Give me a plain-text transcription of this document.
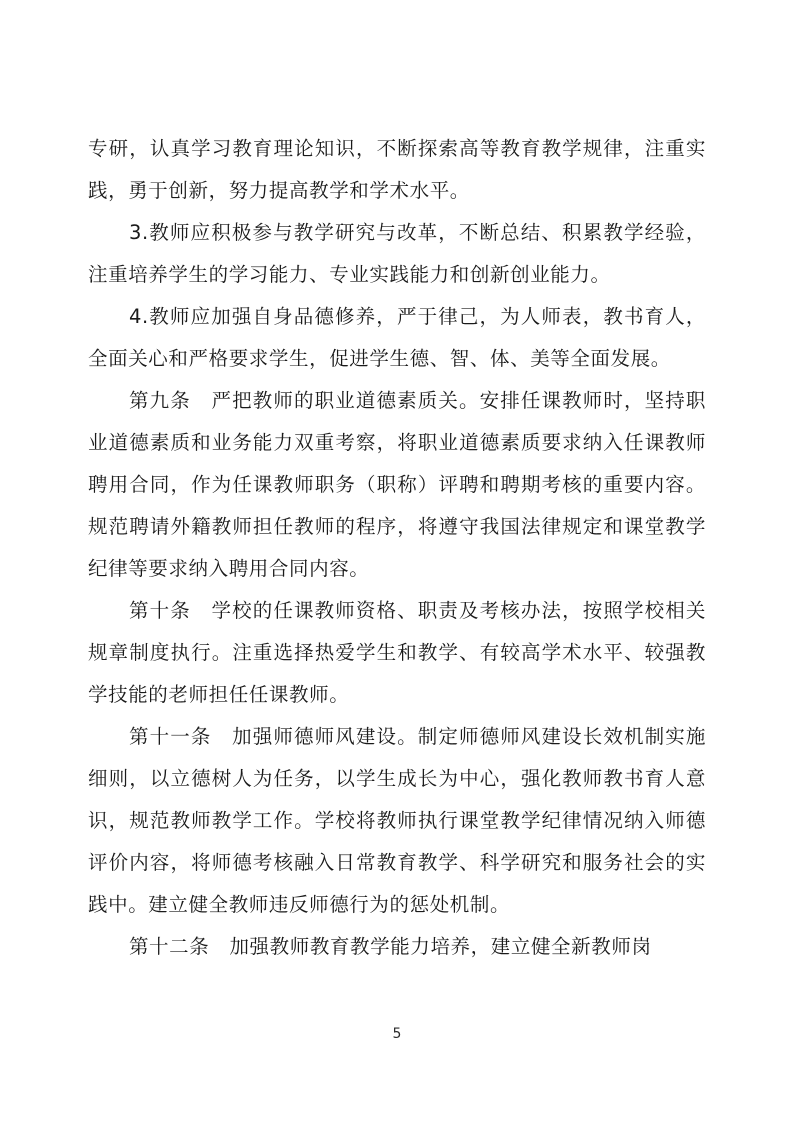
专研，认真学习教育理论知识，不断探索高等教育教学规律，注重实践，勇于创新，努力提高教学和学术水平。

3.教师应积极参与教学研究与改革，不断总结、积累教学经验，注重培养学生的学习能力、专业实践能力和创新创业能力。

4.教师应加强自身品德修养，严于律己，为人师表，教书育人，全面关心和严格要求学生，促进学生德、智、体、美等全面发展。

第九条　严把教师的职业道德素质关。安排任课教师时，坚持职业道德素质和业务能力双重考察，将职业道德素质要求纳入任课教师聘用合同，作为任课教师职务（职称）评聘和聘期考核的重要内容。规范聘请外籍教师担任教师的程序，将遵守我国法律规定和课堂教学纪律等要求纳入聘用合同内容。

第十条　学校的任课教师资格、职责及考核办法，按照学校相关规章制度执行。注重选择热爱学生和教学、有较高学术水平、较强教学技能的老师担任任课教师。

第十一条　加强师德师风建设。制定师德师风建设长效机制实施细则，以立德树人为任务，以学生成长为中心，强化教师教书育人意识，规范教师教学工作。学校将教师执行课堂教学纪律情况纳入师德评价内容，将师德考核融入日常教育教学、科学研究和服务社会的实践中。建立健全教师违反师德行为的惩处机制。

第十二条　加强教师教育教学能力培养，建立健全新教师岗

5
